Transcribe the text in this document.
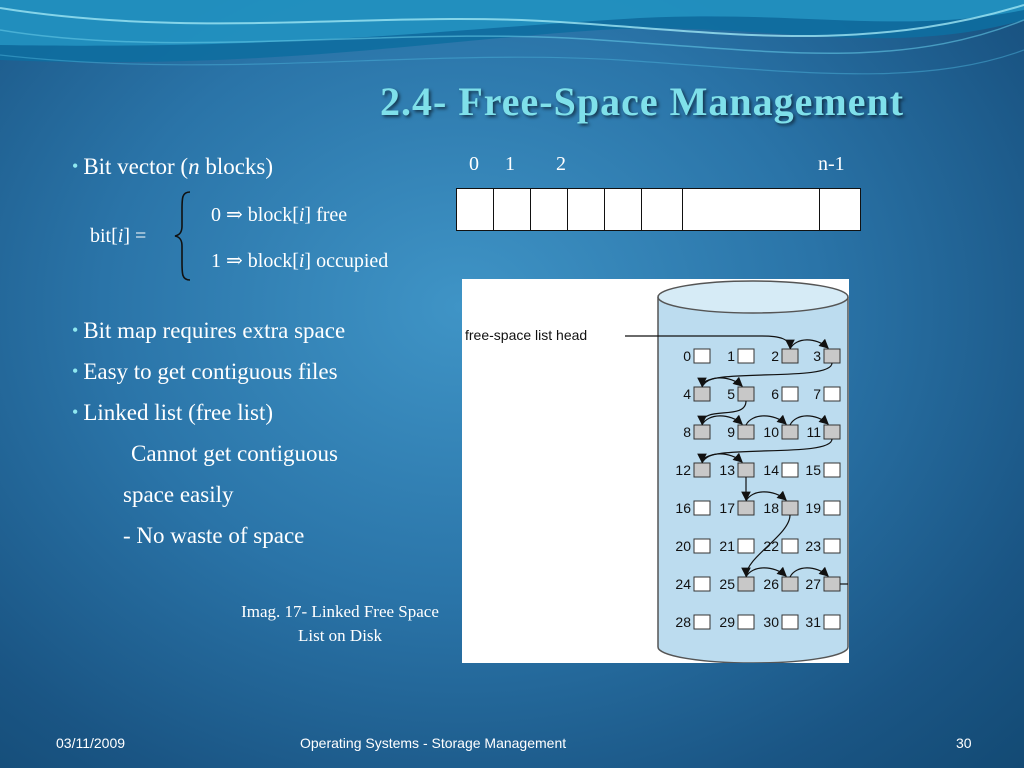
2.4- Free-Space Management
• Bit vector (n blocks)	0 1 2	n-1
bit[i] =
0 ⇒ block[i] free
1 ⇒ block[i] occupied
• Bit map requires extra space
• Easy to get contiguous files
• Linked list (free list)
Cannot get contiguous
space easily
- No waste of space
free-space list head
0	1	2 3
4	5	6 7
8	9 10 11
12 13 14 15
16 17 18 19
20 21 22 23
24 25 26 27
28 29 30 31
Imag. 17- Linked Free Space
List on Disk
03/11/2009	Operating Systems - Storage Management	30
